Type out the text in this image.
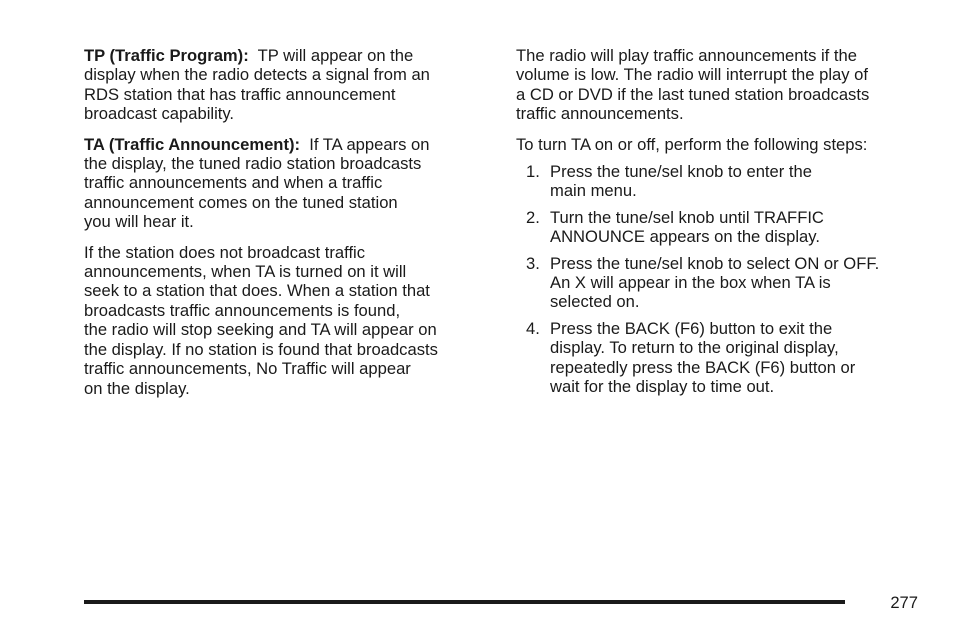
TP (Traffic Program):  TP will appear on the
display when the radio detects a signal from an
RDS station that has traffic announcement
broadcast capability.

TA (Traffic Announcement):  If TA appears on
the display, the tuned radio station broadcasts
traffic announcements and when a traffic
announcement comes on the tuned station
you will hear it.

If the station does not broadcast traffic
announcements, when TA is turned on it will
seek to a station that does. When a station that
broadcasts traffic announcements is found,
the radio will stop seeking and TA will appear on
the display. If no station is found that broadcasts
traffic announcements, No Traffic will appear
on the display.

The radio will play traffic announcements if the
volume is low. The radio will interrupt the play of
a CD or DVD if the last tuned station broadcasts
traffic announcements.

To turn TA on or off, perform the following steps:

1. Press the tune/sel knob to enter the
main menu.
2. Turn the tune/sel knob until TRAFFIC
ANNOUNCE appears on the display.
3. Press the tune/sel knob to select ON or OFF.
An X will appear in the box when TA is
selected on.
4. Press the BACK (F6) button to exit the
display. To return to the original display,
repeatedly press the BACK (F6) button or
wait for the display to time out.
277
